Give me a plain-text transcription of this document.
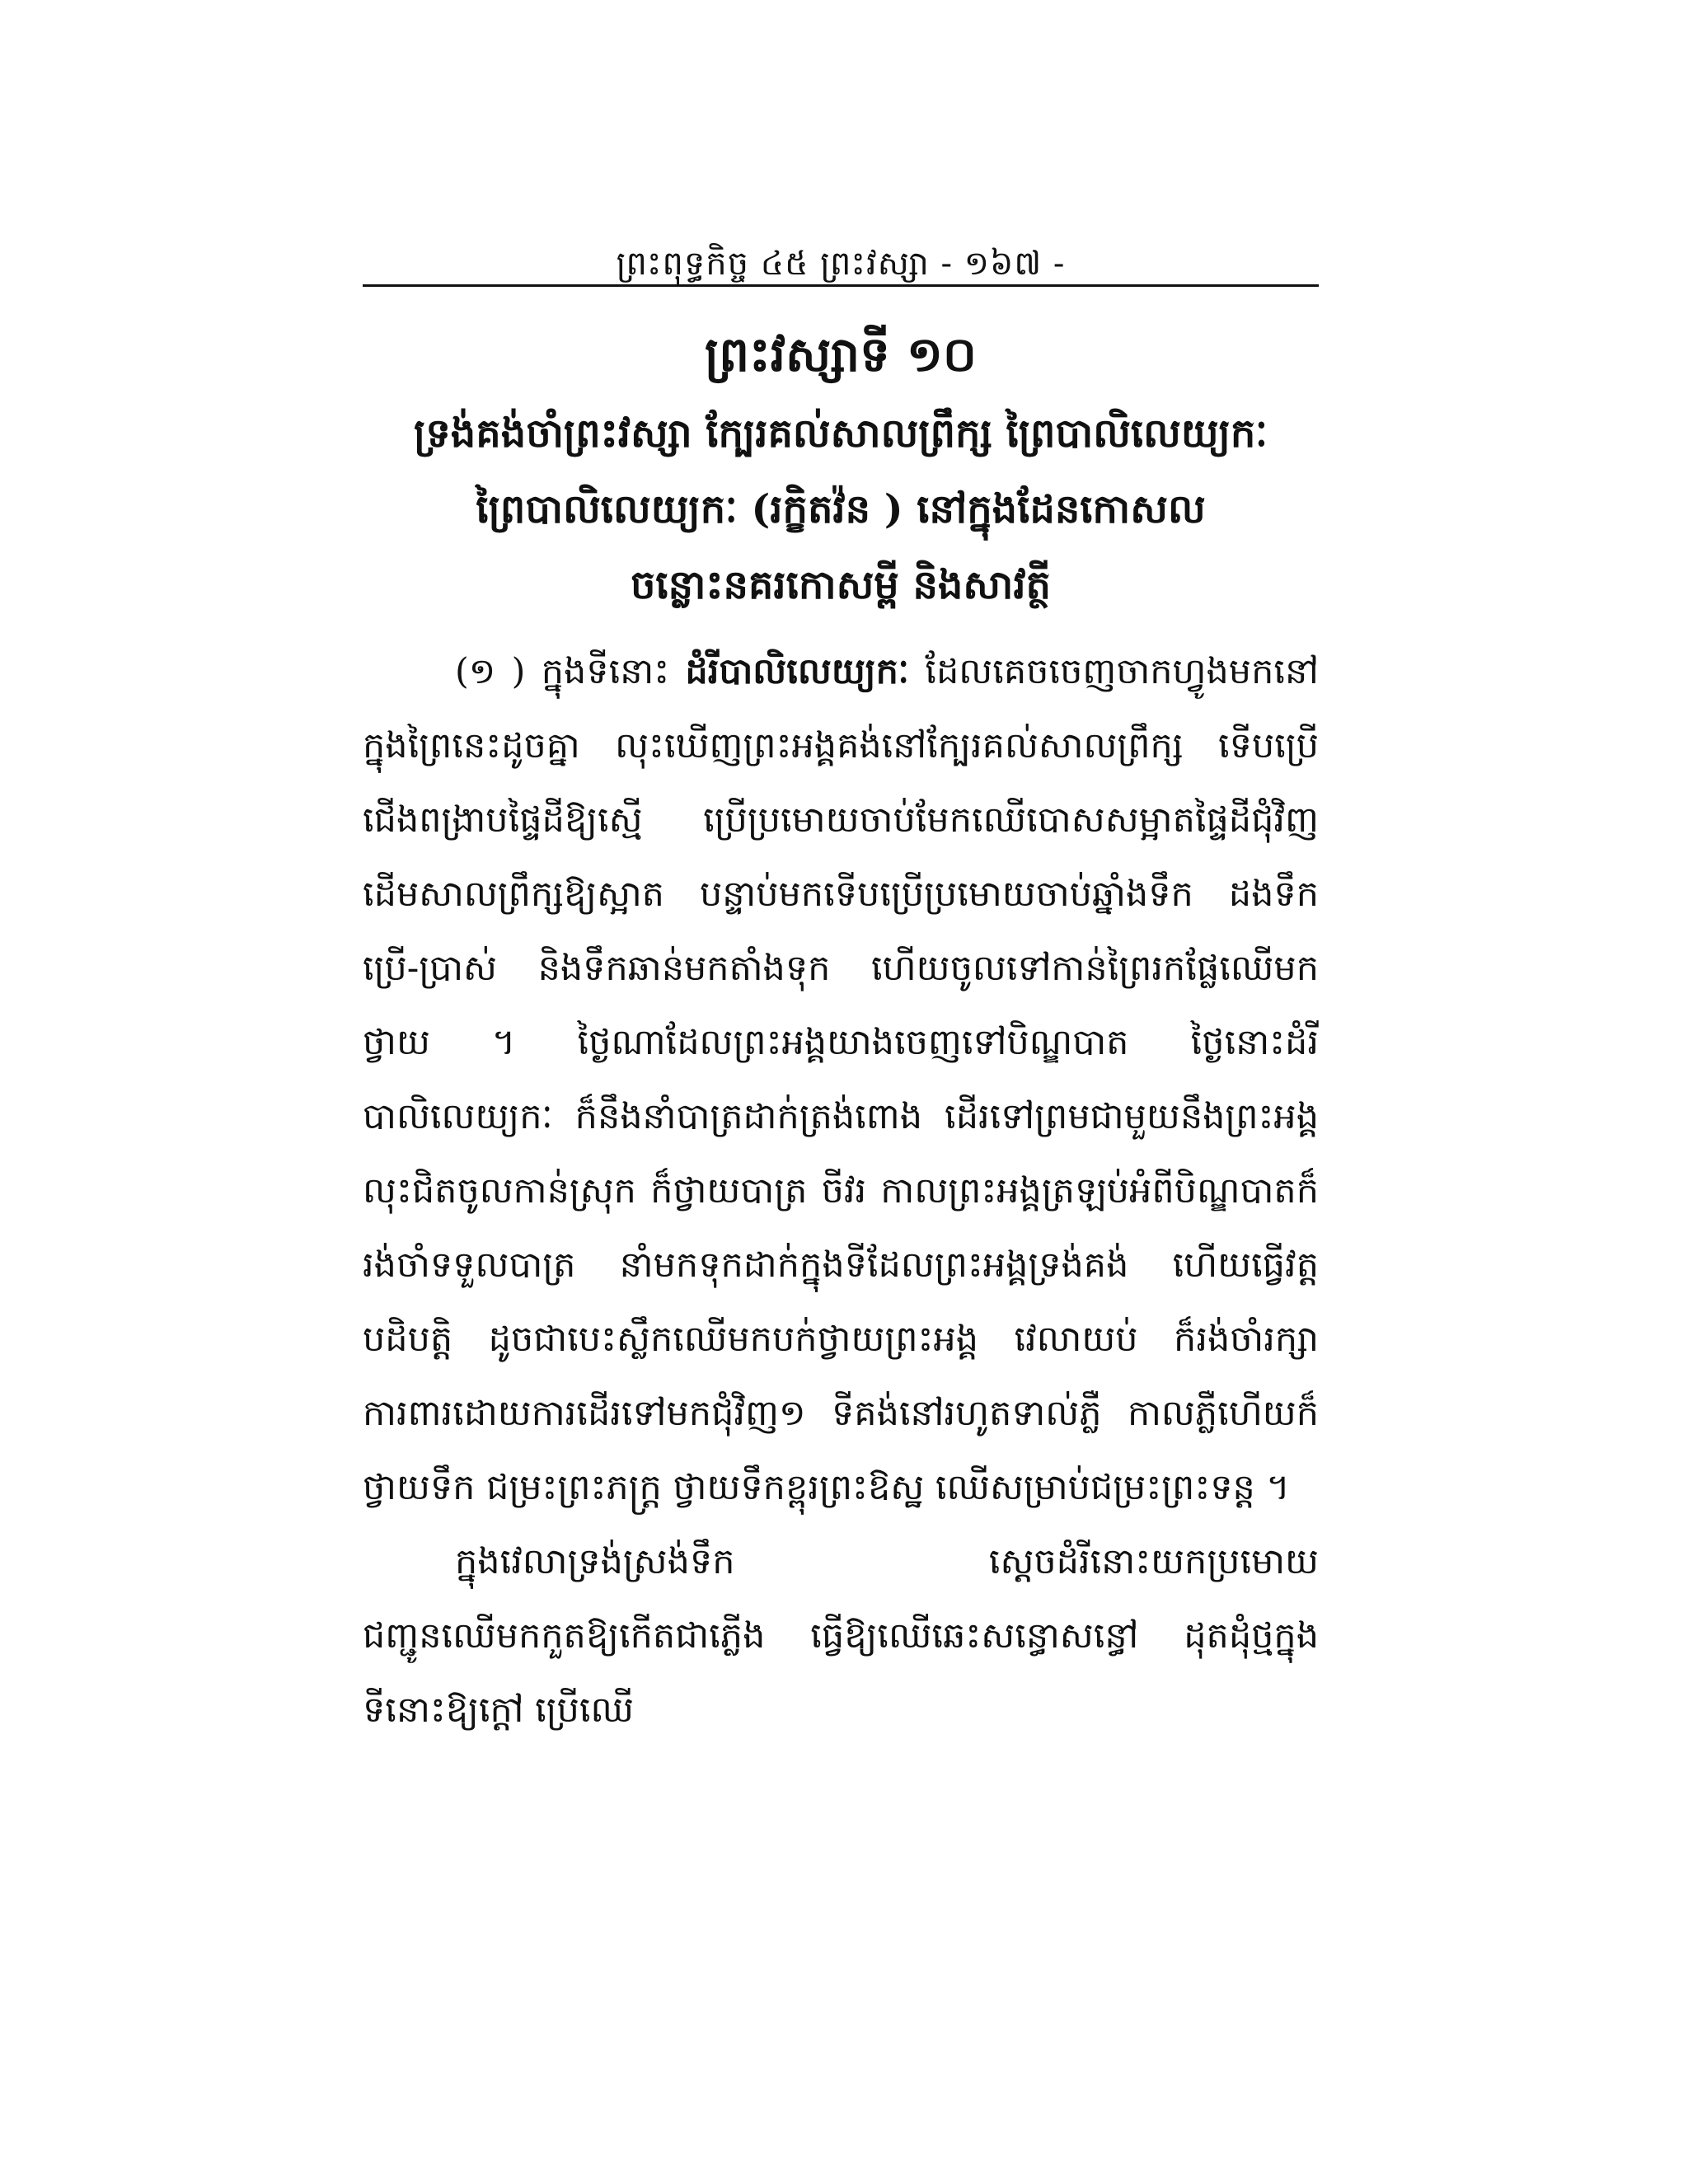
ព្រះពុទ្ធកិច្ច ៤៥ ព្រះវស្សា - ១៦៧ -
ព្រះវស្សាទី ១០

ទ្រង់គង់ចាំព្រះវស្សា ក្បែរគល់សាលព្រឹក្ស ព្រៃបាលិលេយ្យកៈ

ព្រៃបាលិលេយ្យកៈ (រក្ខិតវ៉ន ) នៅក្នុងដែនកោសល

ចន្លោះនគរកោសម្ពី និងសាវត្ថី

(១ ) ក្នុងទីនោះ ដំរីបាលិលេយ្យកៈ ដែលគេចចេញចាកហ្វូងមកនៅក្នុងព្រៃនេះដូចគ្នា លុះឃើញព្រះអង្គគង់នៅក្បែរគល់សាលព្រឹក្ស ទើបប្រើជើងពង្រាបផ្ទៃដីឱ្យស្មើ ប្រើប្រមោយចាប់មែកឈើបោសសម្អាតផ្ទៃដីជុំវិញដើមសាលព្រឹក្សឱ្យស្អាត បន្ទាប់មកទើបប្រើប្រមោយចាប់ឆ្នាំងទឹក ដងទឹកប្រើ-ប្រាស់ និងទឹកឆាន់មកតាំងទុក ហើយចូលទៅកាន់ព្រៃរកផ្លែឈើមកថ្វាយ ។ ថ្ងៃណាដែលព្រះអង្គយាងចេញទៅបិណ្ឌបាត ថ្ងៃនោះដំរីបាលិលេយ្យកៈ ក៏នឹងនាំបាត្រដាក់ត្រង់ពោង ដើរទៅព្រមជាមួយនឹងព្រះអង្គ លុះជិតចូលកាន់ស្រុក ក៏ថ្វាយបាត្រ ចីវរ កាលព្រះអង្គត្រឡប់អំពីបិណ្ឌបាតក៏រង់ចាំទទួលបាត្រ នាំមកទុកដាក់ក្នុងទីដែលព្រះអង្គទ្រង់គង់ ហើយធ្វើវត្តបដិបត្តិ ដូចជាបេះស្លឹកឈើមកបក់ថ្វាយព្រះអង្គ វេលាយប់ ក៏រង់ចាំរក្សាការពារដោយការដើរទៅមកជុំវិញ១ ទីគង់នៅរហូតទាល់ភ្លឺ កាលភ្លឺហើយក៏ថ្វាយទឹក ជម្រះព្រះភក្ត្រ ថ្វាយទឹកខ្ពុរព្រះឱស្ឋ ឈើសម្រាប់ជម្រះព្រះទន្ត ។

ក្នុងវេលាទ្រង់ស្រង់ទឹក ស្តេចដំរីនោះយកប្រមោយជញ្ជូនឈើមកកួតឱ្យកើតជាភ្លើង ធ្វើឱ្យឈើឆេះសន្ធោសន្ធៅ ដុតដុំថ្មក្នុងទីនោះឱ្យក្តៅ ប្រើឈើ
